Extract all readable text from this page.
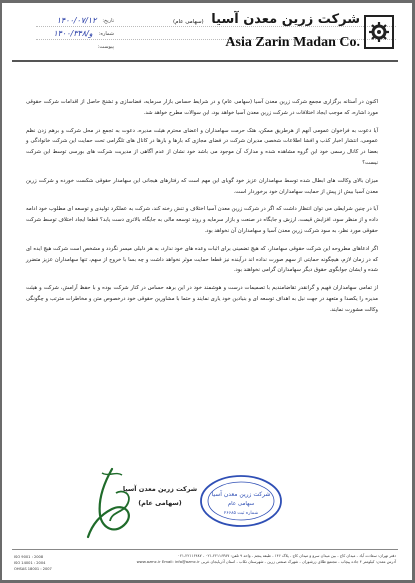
۱۴۰۰/۰۷/۱۲ تاریخ:
۱۴۰۰/۳۴۸/و شماره:
پیوست:
شرکت زرین معدن آسیا (سهامی عام)
Asia Zarin Madan Co.

اکنون در آستانه برگزاری مجمع شرکت زرین معدن آسیا (سهامی عام) و در شرایط حساس بازار سرمایه، فضاسازی و تشنج حاصل از اقدامات شرکت حقوقی مورد اشاره، که موجب ایجاد اختلافات در شرکت زرین معدن آسیا خواهد بود، این سوالات مطرح خواهد شد.

آیا دعوت به فراخوان عمومی آنهم از هرطریق ممکن، هتک حرمت سهامداران و اعضای محترم هیئت مدیره، دعوت به تجمع در محل شرکت و برهم زدن نظم عمومی، انتشار اخبار کذب و افشا اطلاعات شخصی مدیران شرکت در فضای مجازی که بارها و بارها در کانال های تلگرامی تحت حمایت این شرکت خانوادگی و بعضا در کانال رسمی خود این گروه مشاهده شده و مدارک آن موجود می باشد خود نشان از عدم آگاهی از مدیریت شرکت های بورسی توسط این شرکت نیست؟

میزان بالای وکالت های ابطال شده توسط سهامداران عزیز خود گویای این مهم است که رفتارهای هیجانی این سهامدار حقوقی شکست خورده و شرکت زرین معدن آسیا بیش از پیش از حمایت سهامداران خود برخوردار است.

آیا در چنین شرایطی می توان انتظار داشت که اگر در شرکت زرین معدن آسیا اختلاف و تنش رخنه کند، شرکت به عملکرد تولیدی و توسعه ای مطلوب خود ادامه داده و از منظر سود، افزایش قیمت، ارزش و جایگاه در صنعت و بازار سرمایه و روند توسعه مالی به جایگاه بالاتری دست یابد؟ قطعا ایجاد اختلاف توسط شرکت حقوقی مورد نظر، به سود شرکت زرین معدن آسیا و سهامداران آن نخواهد بود.

اگر ادعاهای مطروحه این شرکت حقوقی سهامدار، که هیچ تضمینی برای اثبات وعده های خود ندارد، به هر دلیلی میسر نگردد و مشخص است شرکت هیچ ایده ای که در زمان لازم، هیچگونه حمایتی از سهم صورت نداده اند درآینده نیز قطعا حمایت موثر نخواهد داشت و چه بسا با خروج از سهم، تنها سهامداران عزیز متضرر شده و ایشان جوابگوی حقوق دیگر سهامداران گرامی نخواهند بود.

از تمامی سهامداران فهیم و گرانقدر تقاضامندیم با تصمیمات درست و هوشمند خود در این برهه حساس در کنار شرکت بوده و با حفظ آرامش، شرکت و هیئت مدیره را یکصدا و متعهد در جهت نیل به اهداف توسعه ای و بنیادین خود یاری نمایند و حتما با مشاورین حقوقی خود درخصوص متن و مخاطرات مترتب و چگونگی وکالت مشورت نمایند.

شرکت زرین معدن آسیا
(سهامی عام)
شرکت زرین معدن آسیا
سهامی عام
شماره ثبت ۲۶۶۸۵
ISO 9001 : 2008
ISO 14001 : 2004
OHSAS 18001 : 2007
دفتر تهران: سعادت آباد - میدان کاج - بین میدان سرو و میدان کاج - پلاک ۱۴۶ - طبقه پنجم - واحد ۹ تلفن: ۲۲۱۱۶۳۸۷-۰۲۱ - ۲۲۱۱۶۴۸۷-۰۲۱
آدرس معدن: کیلومتر ۴ جاده پیچاب - مجتمع طلای زرشوران - شهرک صنعتی زرین - شهرستان تکاب - استان آذربایجان غربی www.azmc.ir Email: info@azmc.ir
